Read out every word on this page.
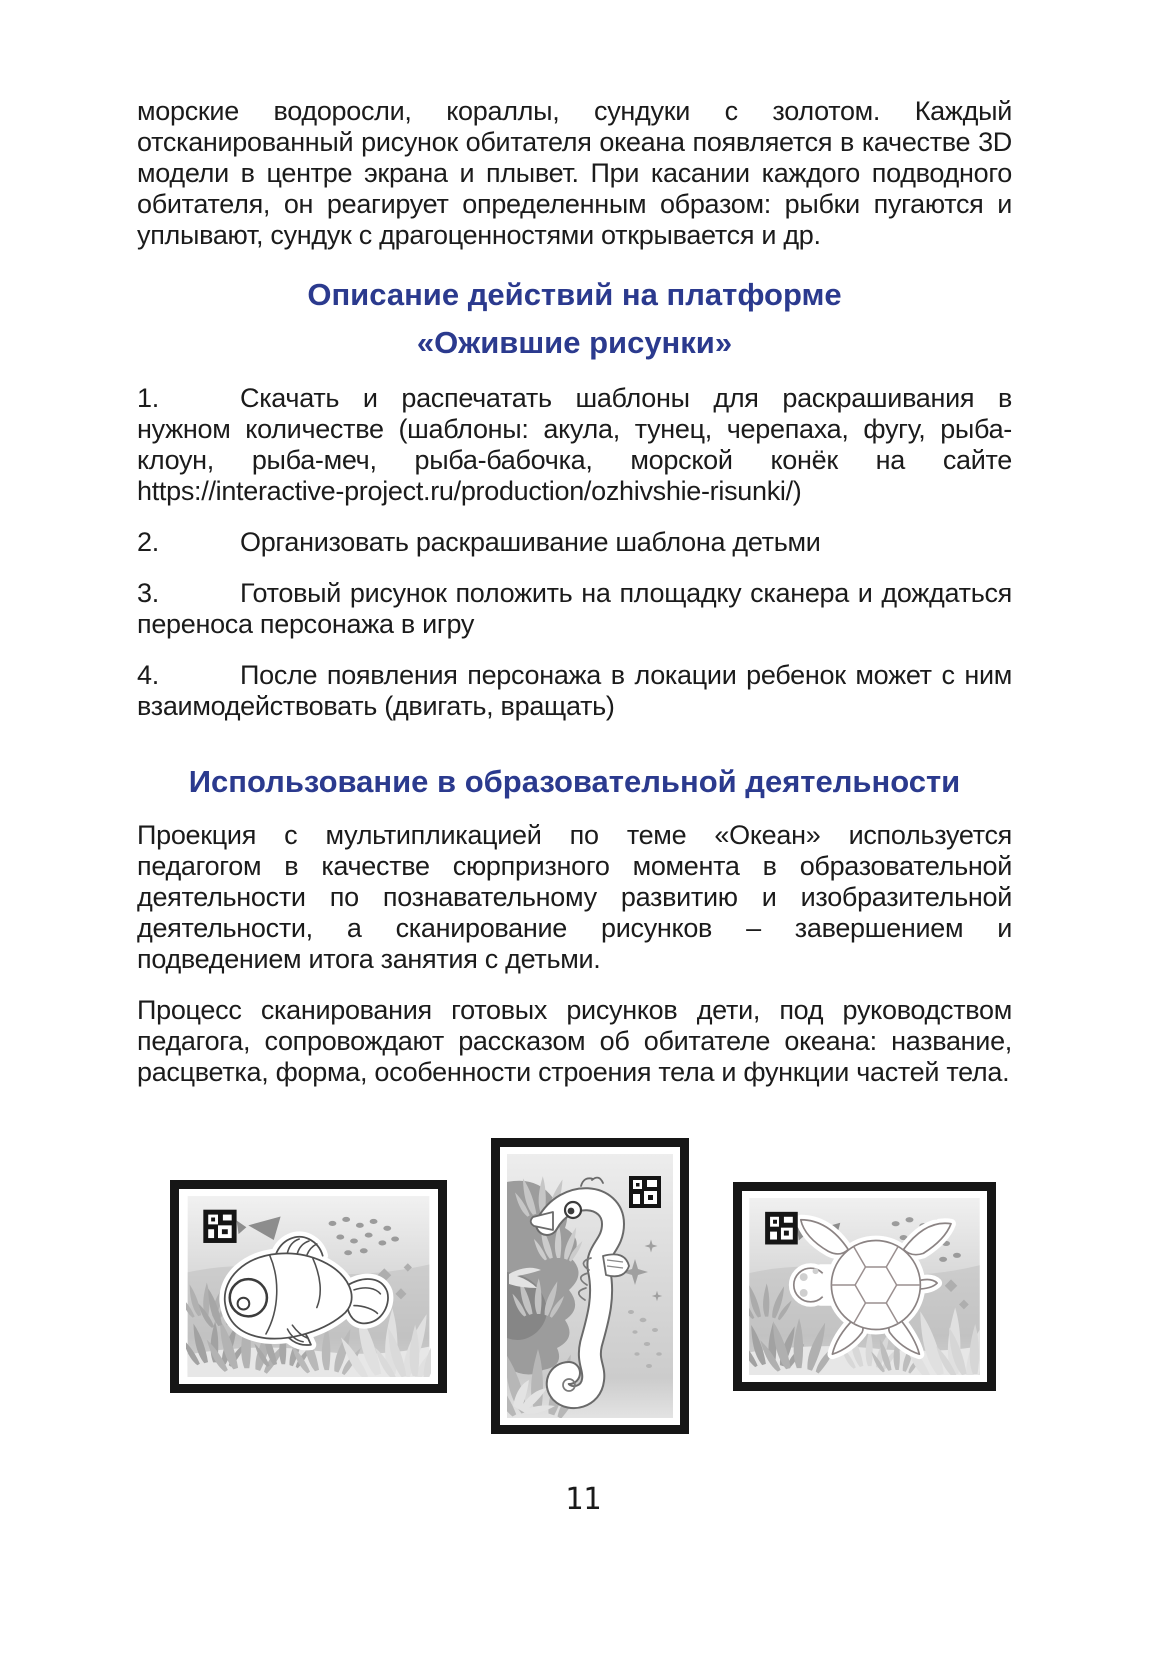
морские водоросли, кораллы, сундуки с золотом. Каждый отсканированный рисунок обитателя океана появляется в качестве 3D модели в центре экрана и плывет. При касании каждого подводного обитателя, он реагирует определенным образом: рыбки пугаются и уплывают, сундук с драгоценностями открывается и др.

Описание действий на платформе
«Ожившие рисунки»

1.	Скачать и распечатать шаблоны для раскрашивания в нужном количестве (шаблоны: акула, тунец, черепаха, фугу, рыба-клоун, рыба-меч, рыба-бабочка, морской конёк на сайте https://interactive-project.ru/production/ozhivshie-risunki/)

2.	Организовать раскрашивание шаблона детьми

3.	Готовый рисунок положить на площадку сканера и дождаться переноса персонажа в игру

4.	После появления персонажа в локации ребенок может с ним взаимодействовать (двигать, вращать)

Использование в образовательной деятельности

Проекция с мультипликацией по теме «Океан» используется педагогом в качестве сюрпризного момента в образовательной деятельности по познавательному развитию и изобразительной деятельности, а сканирование рисунков – завершением и подведением итога занятия с детьми.

Процесс сканирования готовых рисунков дети, под руководством педагога, сопровождают рассказом об обитателе океана: название, расцветка, форма, особенности строения тела и функции частей тела.

11
